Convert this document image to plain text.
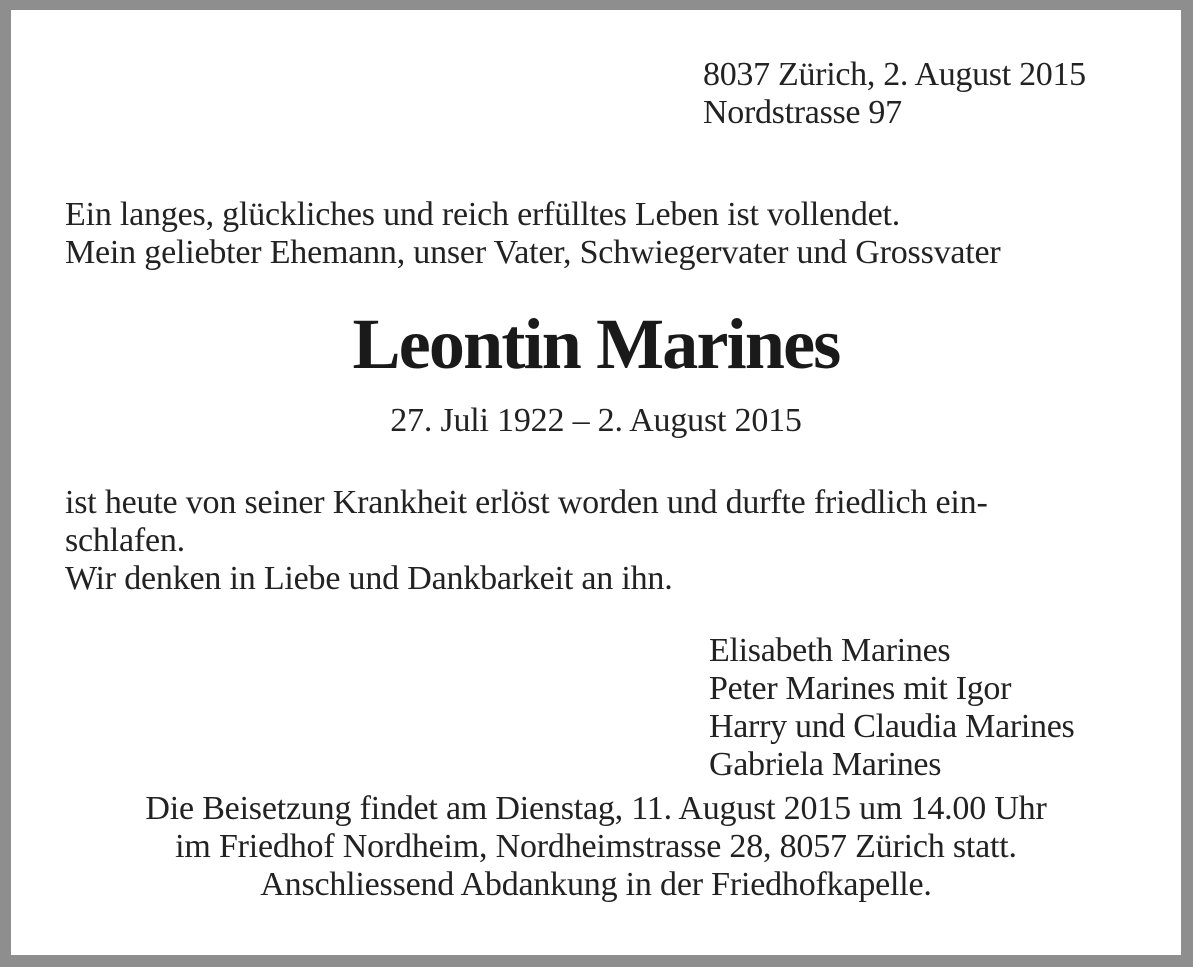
8037 Zürich, 2. August 2015
Nordstrasse 97
Ein langes, glückliches und reich erfülltes Leben ist vollendet.
Mein geliebter Ehemann, unser Vater, Schwiegervater und Grossvater
Leontin Marines
27. Juli 1922 – 2. August 2015
ist heute von seiner Krankheit erlöst worden und durfte friedlich ein-
schlafen.
Wir denken in Liebe und Dankbarkeit an ihn.
Elisabeth Marines
Peter Marines mit Igor
Harry und Claudia Marines
Gabriela Marines
Die Beisetzung findet am Dienstag, 11. August 2015 um 14.00 Uhr
im Friedhof Nordheim, Nordheimstrasse 28, 8057 Zürich statt.
Anschliessend Abdankung in der Friedhofkapelle.
